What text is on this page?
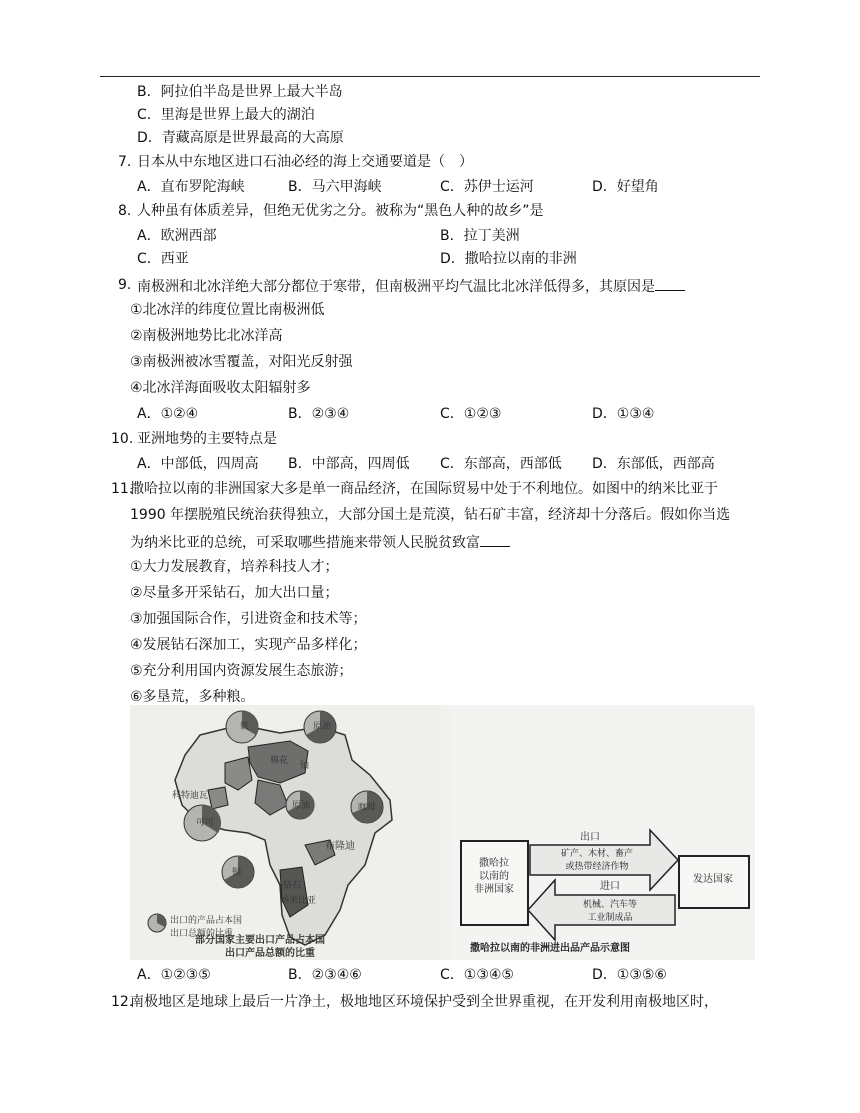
B．阿拉伯半岛是世界上最大半岛
C．里海是世界上最大的湖泊
D．青藏高原是世界最高的大高原
7. 日本从中东地区进口石油必经的海上交通要道是（　）
A．直布罗陀海峡	B．马六甲海峡	C．苏伊士运河	D．好望角
8. 人种虽有体质差异，但绝无优劣之分。被称为“黑色人种的故乡”是
A．欧洲西部	B．拉丁美洲
C．西亚	D．撒哈拉以南的非洲
9. 南极洲和北冰洋绝大部分都位于寒带，但南极洲平均气温比北冰洋低得多，其原因是
①北冰洋的纬度位置比南极洲低
②南极洲地势比北冰洋高
③南极洲被冰雪覆盖，对阳光反射强
④北冰洋海面吸收太阳辐射多
A．①②④	B．②③④	C．①②③	D．①③④
10. 亚洲地势的主要特点是
A．中部低，四周高 B．中部高，四周低 C．东部高，西部低 D．东部低，西部高
11.
撒哈拉以南的非洲国家大多是单一商品经济，在国际贸易中处于不利地位。如图中的纳米比亚于
1990 年摆脱殖民统治获得独立，大部分国土是荒漠，钻石矿丰富，经济却十分落后。假如你当选
为纳米比亚的总统，可采取哪些措施来带领人民脱贫致富
①大力发展教育，培养科技人才；
②尽量多开采钻石，加大出口量；
③加强国际合作，引进资金和技术等；
④发展钻石深加工，实现产品多样化；
⑤充分利用国内资源发展生态旅游；
⑥多垦荒，多种粮。
铁	原油
科特迪瓦
可可
棉花 铀
原油
布隆迪
咖啡
铜
钻石
纳米比亚
出口的产品占本国
出口总额的比重
部分国家主要出口产品占本国
出口产品总额的比重
撒哈拉
以南的
非洲国家
发达国家
出口
矿产、木材、畜产
或热带经济作物
进口
机械、汽车等
工业制成品
撒哈拉以南的非洲进出品产品示意图
A．①②③⑤	B．②③④⑥	C．①③④⑤	D．①③⑤⑥
12.
南极地区是地球上最后一片净土，极地地区环境保护受到全世界重视，在开发利用南极地区时，
